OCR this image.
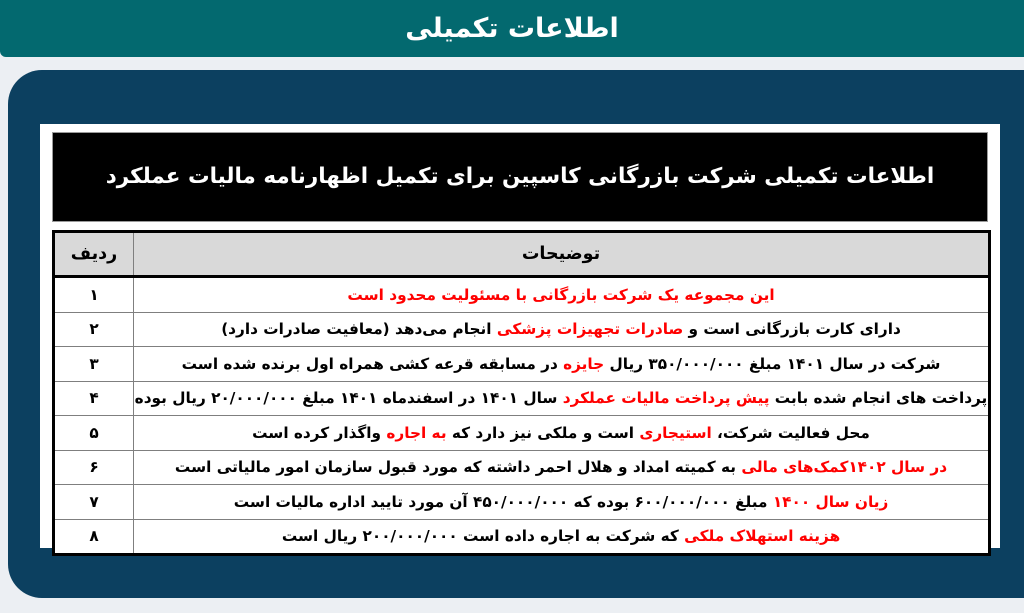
اطلاعات تکمیلی
اطلاعات تکمیلی شرکت بازرگانی کاسپین برای تکمیل اظهارنامه مالیات عملکرد
توضیحات	ردیف
این مجموعه یک شرکت بازرگانی با مسئولیت محدود است	۱
دارای کارت بازرگانی است و صادرات تجهیزات پزشکی انجام می‌دهد (معافیت صادرات دارد)	۲
شرکت در سال ۱۴۰۱ مبلغ ۳۵۰/۰۰۰/۰۰۰ ریال جایزه در مسابقه قرعه کشی همراه اول برنده شده است	۳
پرداخت های انجام شده بابت پیش پرداخت مالیات عملکرد سال ۱۴۰۱ در اسفندماه ۱۴۰۱ مبلغ ۲۰/۰۰۰/۰۰۰ ریال بوده	۴
محل فعالیت شرکت، استیجاری است و ملکی نیز دارد که به اجاره واگذار کرده است	۵
در سال ۱۴۰۲کمک‌های مالی به کمیته امداد و هلال احمر داشته که مورد قبول سازمان امور مالیاتی است	۶
زیان سال ۱۴۰۰ مبلغ ۶۰۰/۰۰۰/۰۰۰ بوده که ۴۵۰/۰۰۰/۰۰۰ آن مورد تایید اداره مالیات است	۷
هزینه استهلاک ملکی که شرکت به اجاره داده است ۲۰۰/۰۰۰/۰۰۰ ریال است	۸
